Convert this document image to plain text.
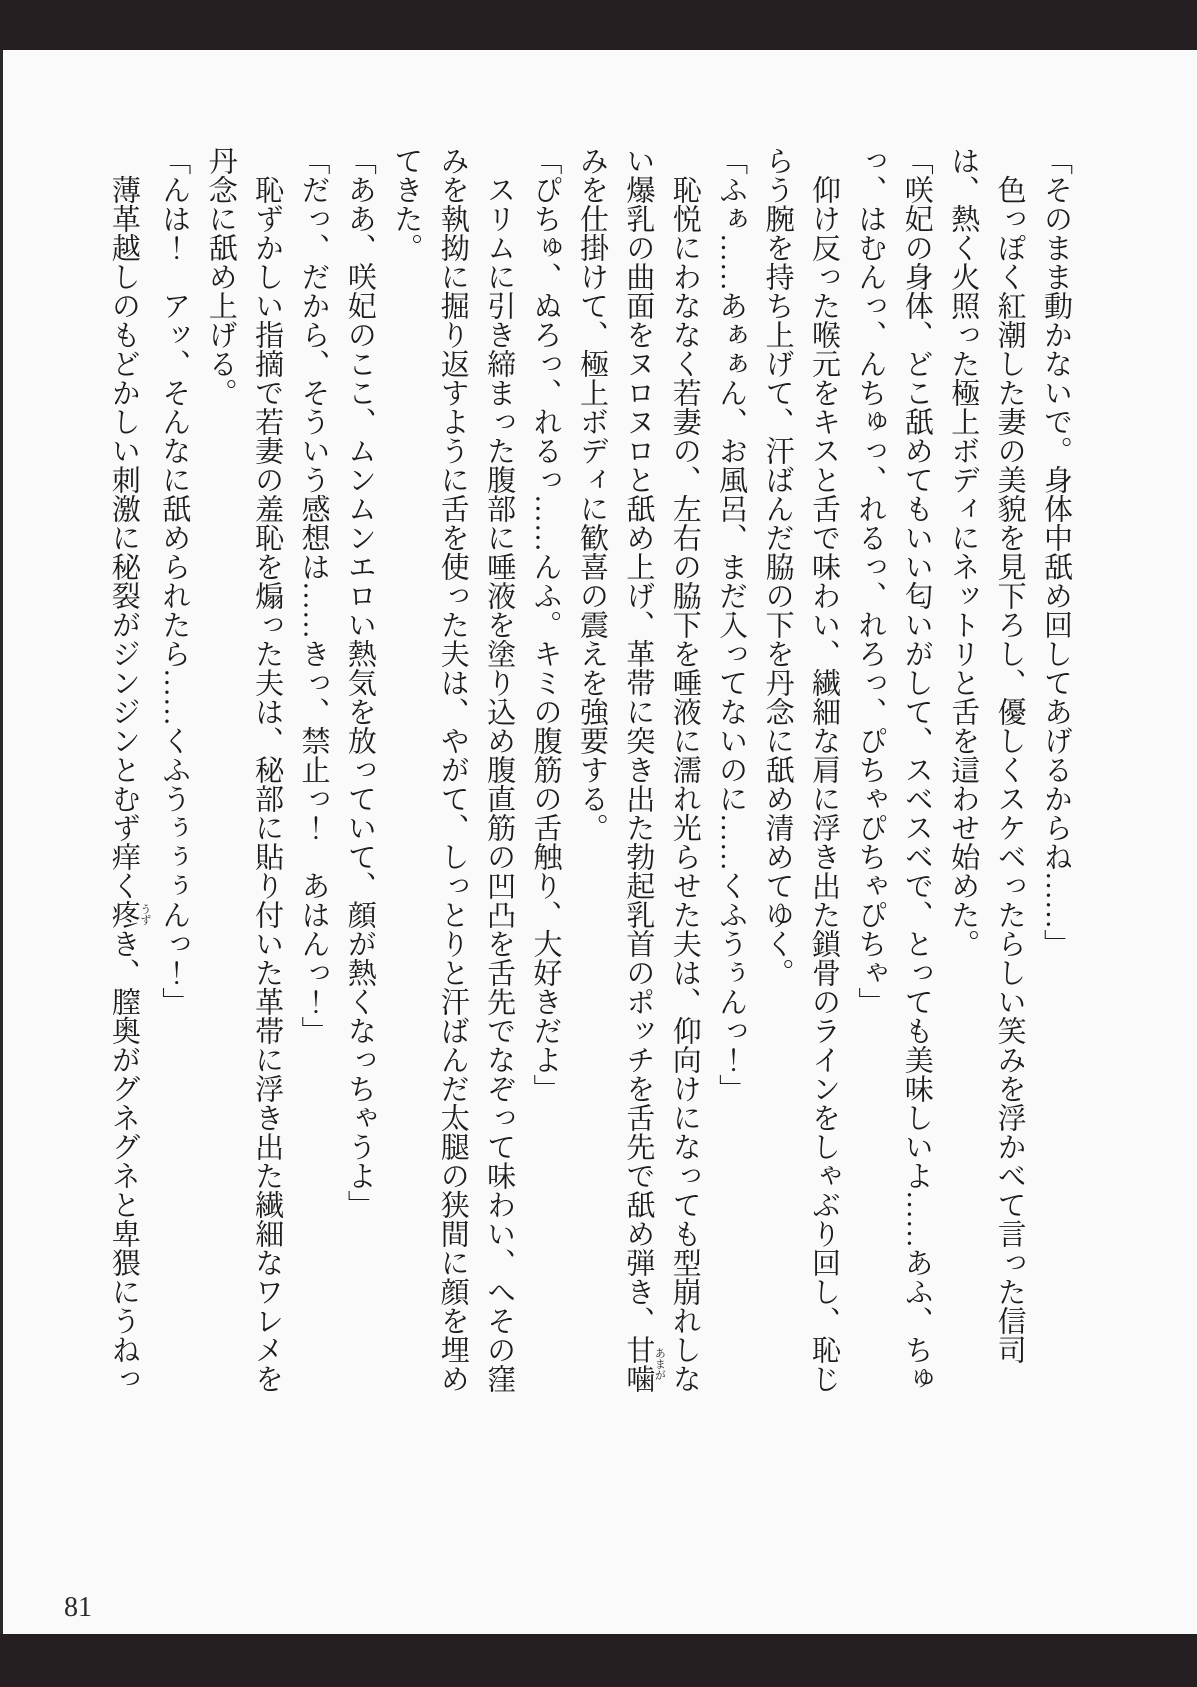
「そのまま動かないで。身体中舐め回してあげるからね……」

色っぽく紅潮した妻の美貌を見下ろし、優しくスケベったらしい笑みを浮かべて言った信司は、熱く火照った極上ボディにネットリと舌を這わせ始めた。

「咲妃の身体、どこ舐めてもいい匂いがして、スベスベで、とっても美味しいよ……あふ、ちゅっ、はむんっ、んちゅっ、れるっ、れろっ、ぴちゃぴちゃぴちゃ」

仰け反った喉元をキスと舌で味わい、繊細な肩に浮き出た鎖骨のラインをしゃぶり回し、恥じらう腕を持ち上げて、汗ばんだ脇の下を丹念に舐め清めてゆく。

「ふぁ……あぁぁん、お風呂、まだ入ってないのに……くふうぅんっ！」

恥悦にわななく若妻の、左右の脇下を唾液に濡れ光らせた夫は、仰向けになっても型崩れしない爆乳の曲面をヌロヌロと舐め上げ、革帯に突き出た勃起乳首のポッチを舌先で舐め弾き、甘噛 あまがみを仕掛けて、極上ボディに歓喜の震えを強要する。

「ぴちゅ、ぬろっ、れるっ……んふ。キミの腹筋の舌触り、大好きだよ」

スリムに引き締まった腹部に唾液を塗り込め腹直筋の凹凸を舌先でなぞって味わい、へその窪みを執拗に掘り返すように舌を使った夫は、やがて、しっとりと汗ばんだ太腿の狭間に顔を埋めてきた。

「ああ、咲妃のここ、ムンムンエロい熱気を放っていて、顔が熱くなっちゃうよ」

「だっ、だから、そういう感想は……きっ、禁止っ！　あはんっ！」

恥ずかしい指摘で若妻の羞恥を煽った夫は、秘部に貼り付いた革帯に浮き出た繊細なワレメを丹念に舐め上げる。

「んは！　アッ、そんなに舐められたら……くふうぅぅぅんっ！」

薄革越しのもどかしい刺激に秘裂がジンジンとむず痒く疼 うずき、膣奥がグネグネと卑猥にうねっ

81
